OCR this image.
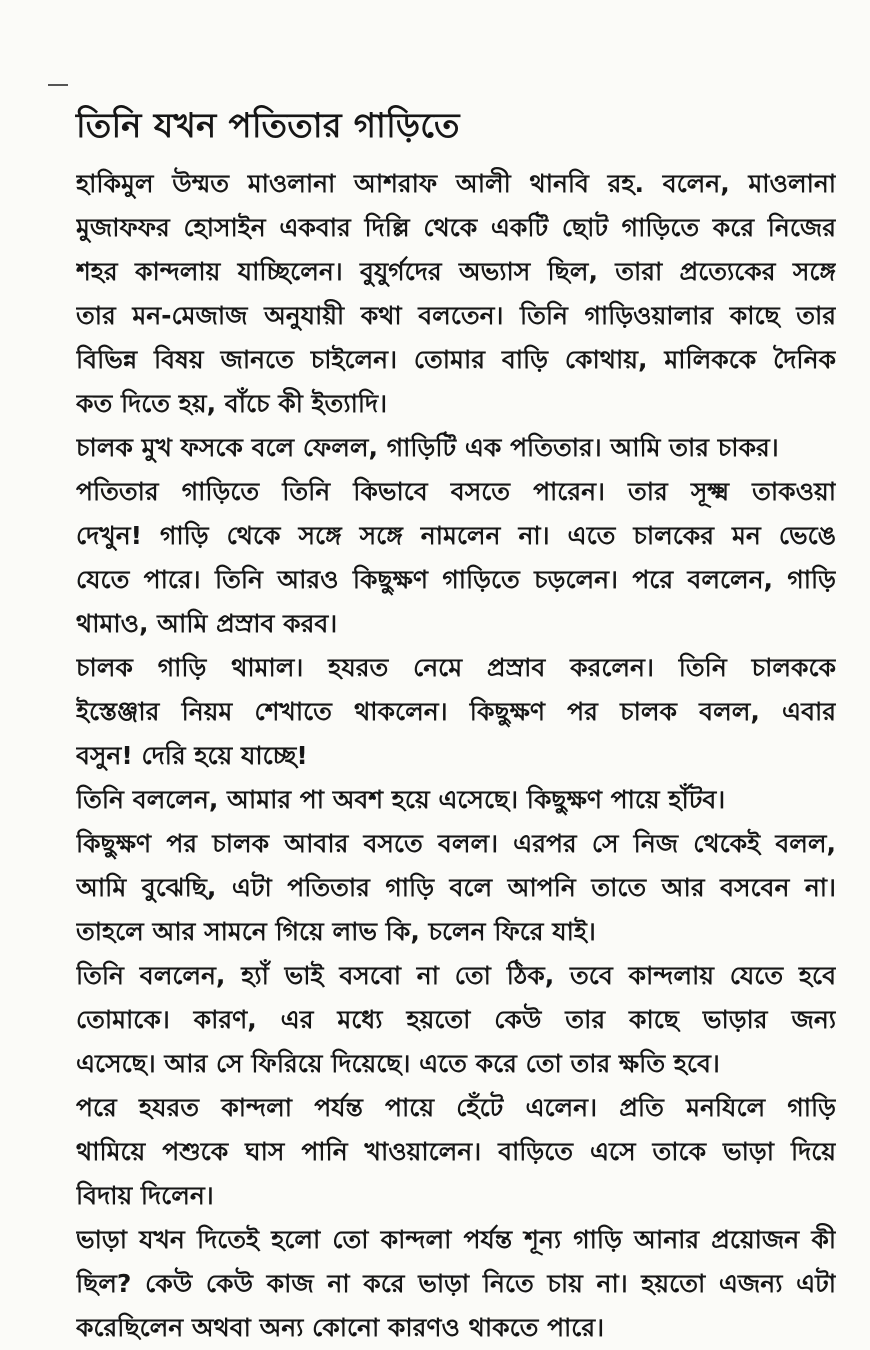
তিনি যখন পতিতার গাড়িতে
হাকিমুল উম্মত মাওলানা আশরাফ আলী থানবি রহ. বলেন, মাওলানা
মুজাফফর হোসাইন একবার দিল্লি থেকে একটি ছোট গাড়িতে করে নিজের
শহর কান্দলায় যাচ্ছিলেন। বুযুর্গদের অভ্যাস ছিল, তারা প্রত্যেকের সঙ্গে
তার মন-মেজাজ অনুযায়ী কথা বলতেন। তিনি গাড়িওয়ালার কাছে তার
বিভিন্ন বিষয় জানতে চাইলেন। তোমার বাড়ি কোথায়, মালিককে দৈনিক
কত দিতে হয়, বাঁচে কী ইত্যাদি।
চালক মুখ ফসকে বলে ফেলল, গাড়িটি এক পতিতার। আমি তার চাকর।
পতিতার গাড়িতে তিনি কিভাবে বসতে পারেন। তার সূক্ষ্ম তাকওয়া
দেখুন! গাড়ি থেকে সঙ্গে সঙ্গে নামলেন না। এতে চালকের মন ভেঙে
যেতে পারে। তিনি আরও কিছুক্ষণ গাড়িতে চড়লেন। পরে বললেন, গাড়ি
থামাও, আমি প্রস্রাব করব।
চালক গাড়ি থামাল। হযরত নেমে প্রস্রাব করলেন। তিনি চালককে
ইস্তেঞ্জার নিয়ম শেখাতে থাকলেন। কিছুক্ষণ পর চালক বলল, এবার
বসুন! দেরি হয়ে যাচ্ছে!
তিনি বললেন, আমার পা অবশ হয়ে এসেছে। কিছুক্ষণ পায়ে হাঁটব।
কিছুক্ষণ পর চালক আবার বসতে বলল। এরপর সে নিজ থেকেই বলল,
আমি বুঝেছি, এটা পতিতার গাড়ি বলে আপনি তাতে আর বসবেন না।
তাহলে আর সামনে গিয়ে লাভ কি, চলেন ফিরে যাই।
তিনি বললেন, হ্যাঁ ভাই বসবো না তো ঠিক, তবে কান্দলায় যেতে হবে
তোমাকে। কারণ, এর মধ্যে হয়তো কেউ তার কাছে ভাড়ার জন্য
এসেছে। আর সে ফিরিয়ে দিয়েছে। এতে করে তো তার ক্ষতি হবে।
পরে হযরত কান্দলা পর্যন্ত পায়ে হেঁটে এলেন। প্রতি মনযিলে গাড়ি
থামিয়ে পশুকে ঘাস পানি খাওয়ালেন। বাড়িতে এসে তাকে ভাড়া দিয়ে
বিদায় দিলেন।
ভাড়া যখন দিতেই হলো তো কান্দলা পর্যন্ত শূন্য গাড়ি আনার প্রয়োজন কী
ছিল? কেউ কেউ কাজ না করে ভাড়া নিতে চায় না। হয়তো এজন্য এটা
করেছিলেন অথবা অন্য কোনো কারণও থাকতে পারে।
